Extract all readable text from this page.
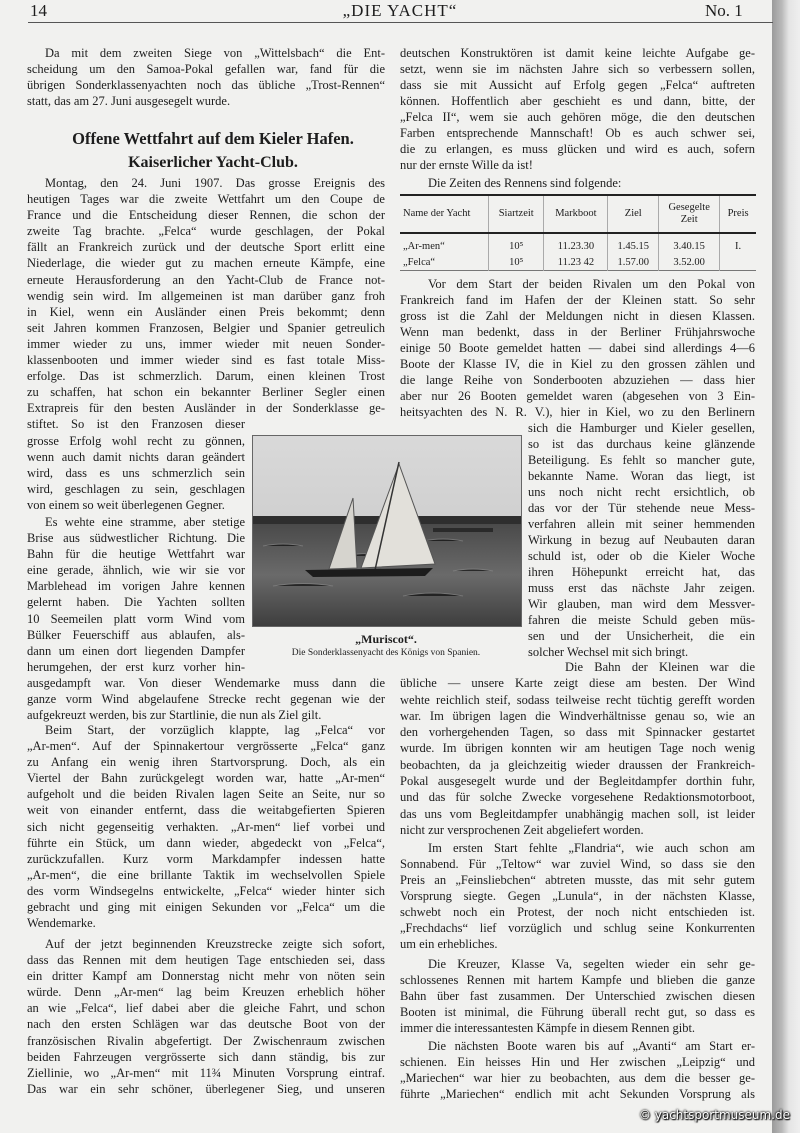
14	„DIE YACHT“	No. 1
Da mit dem zweiten Siege von „Wittelsbach“ die Ent-
scheidung um den Samoa-Pokal gefallen war, fand für die
übrigen Sonderklassenyachten noch das übliche „Trost-Rennen“
statt, das am 27. Juni ausgesegelt wurde.
Offene Wettfahrt auf dem Kieler Hafen.
Kaiserlicher Yacht-Club.
Montag, den 24. Juni 1907. Das grosse Ereignis des
heutigen Tages war die zweite Wettfahrt um den Coupe de
France und die Entscheidung dieser Rennen, die schon der
zweite Tag brachte. „Felca“ wurde geschlagen, der Pokal
fällt an Frankreich zurück und der deutsche Sport erlitt eine
Niederlage, die wieder gut zu machen erneute Kämpfe, eine
erneute Herausforderung an den Yacht-Club de France not-
wendig sein wird. Im allgemeinen ist man darüber ganz froh
in Kiel, wenn ein Ausländer einen Preis bekommt; denn
seit Jahren kommen Franzosen, Belgier und Spanier getreulich
immer wieder zu uns, immer wieder mit neuen Sonder-
klassenbooten und immer wieder sind es fast totale Miss-
erfolge. Das ist schmerzlich. Darum, einen kleinen Trost
zu schaffen, hat schon ein bekannter Berliner Segler einen
Extrapreis für den besten Ausländer in der Sonderklasse ge-
stiftet. So ist den Franzosen dieser
grosse Erfolg wohl recht zu gönnen,
wenn auch damit nichts daran geändert
wird, dass es uns schmerzlich sein
wird, geschlagen zu sein, geschlagen
von einem so weit überlegenen Gegner.
Es wehte eine stramme, aber stetige
Brise aus südwestlicher Richtung. Die
Bahn für die heutige Wettfahrt war
eine gerade, ähnlich, wie wir sie vor
Marblehead im vorigen Jahre kennen
gelernt haben. Die Yachten sollten
10 Seemeilen platt vorm Wind vom
Bülker Feuerschiff aus ablaufen, als-
dann um einen dort liegenden Dampfer
herumgehen, der erst kurz vorher hin-
ausgedampft war. Von dieser Wendemarke muss dann die
ganze vorm Wind abgelaufene Strecke recht gegenan wie der
aufgekreuzt werden, bis zur Startlinie, die nun als Ziel gilt.
Beim Start, der vorzüglich klappte, lag „Felca“ vor
„Ar-men“. Auf der Spinnakertour vergrösserte „Felca“ ganz
zu Anfang ein wenig ihren Startvorsprung. Doch, als ein
Viertel der Bahn zurückgelegt worden war, hatte „Ar-men“
aufgeholt und die beiden Rivalen lagen Seite an Seite, nur so
weit von einander entfernt, dass die weitabgefierten Spieren
sich nicht gegenseitig verhakten. „Ar-men“ lief vorbei und
führte ein Stück, um dann wieder, abgedeckt von „Felca“,
zurückzufallen. Kurz vorm Markdampfer indessen hatte
„Ar-men“, die eine brillante Taktik im wechselvollen Spiele
des vorm Windsegelns entwickelte, „Felca“ wieder hinter sich
gebracht und ging mit einigen Sekunden vor „Felca“ um die
Wendemarke.
Auf der jetzt beginnenden Kreuzstrecke zeigte sich sofort,
dass das Rennen mit dem heutigen Tage entschieden sei, dass
ein dritter Kampf am Donnerstag nicht mehr von nöten sein
würde. Denn „Ar-men“ lag beim Kreuzen erheblich höher
an wie „Felca“, lief dabei aber die gleiche Fahrt, und schon
nach den ersten Schlägen war das deutsche Boot von der
französischen Rivalin abgefertigt. Der Zwischenraum zwischen
beiden Fahrzeugen vergrösserte sich dann ständig, bis zur
Ziellinie, wo „Ar-men“ mit 11¾ Minuten Vorsprung eintraf.
Das war ein sehr schöner, überlegener Sieg, und unseren
„Muriscot“.
Die Sonderklassenyacht des Königs von Spanien.
deutschen Konstruktören ist damit keine leichte Aufgabe ge-
setzt, wenn sie im nächsten Jahre sich so verbessern sollen,
dass sie mit Aussicht auf Erfolg gegen „Felca“ auftreten
können. Hoffentlich aber geschieht es und dann, bitte, der
„Felca II“, wem sie auch gehören möge, die den deutschen
Farben entsprechende Mannschaft! Ob es auch schwer sei,
die zu erlangen, es muss glücken und wird es auch, sofern
nur der ernste Wille da ist!
Die Zeiten des Rennens sind folgende:
Name der Yacht	Siartzeit	Markboot	Ziel	Gesegelte Zeit	Preis
„Ar-men“	10⁵	11.23.30	1.45.15	3.40.15	I.
„Felca“	10⁵	11.23 42	1.57.00	3.52.00	
Vor dem Start der beiden Rivalen um den Pokal von
Frankreich fand im Hafen der der Kleinen statt. So sehr
gross ist die Zahl der Meldungen nicht in diesen Klassen.
Wenn man bedenkt, dass in der Berliner Frühjahrswoche
einige 50 Boote gemeldet hatten — dabei sind allerdings 4—6
Boote der Klasse IV, die in Kiel zu den grossen zählen und
die lange Reihe von Sonderbooten abzuziehen — dass hier
aber nur 26 Booten gemeldet waren (abgesehen von 3 Ein-
heitsyachten des N. R. V.), hier in Kiel, wo zu den Berlinern
sich die Hamburger und Kieler gesellen,
so ist das durchaus keine glänzende
Beteiligung. Es fehlt so mancher gute,
bekannte Name. Woran das liegt, ist
uns noch nicht recht ersichtlich, ob
das vor der Tür stehende neue Mess-
verfahren allein mit seiner hemmenden
Wirkung in bezug auf Neubauten daran
schuld ist, oder ob die Kieler Woche
ihren Höhepunkt erreicht hat, das
muss erst das nächste Jahr zeigen.
Wir glauben, man wird dem Messver-
fahren die meiste Schuld geben müs-
sen und der Unsicherheit, die ein
solcher Wechsel mit sich bringt.
Die Bahn der Kleinen war die
übliche — unsere Karte zeigt diese am besten. Der Wind
wehte reichlich steif, sodass teilweise recht tüchtig gerefft worden
war. Im übrigen lagen die Windverhältnisse genau so, wie an
den vorhergehenden Tagen, so dass mit Spinnacker gestartet
wurde. Im übrigen konnten wir am heutigen Tage noch wenig
beobachten, da ja gleichzeitig wieder draussen der Frankreich-
Pokal ausgesegelt wurde und der Begleitdampfer dorthin fuhr,
und das für solche Zwecke vorgesehene Redaktionsmotorboot,
das uns vom Begleitdampfer unabhängig machen soll, ist leider
nicht zur versprochenen Zeit abgeliefert worden.
Im ersten Start fehlte „Flandria“, wie auch schon am
Sonnabend. Für „Teltow“ war zuviel Wind, so dass sie den
Preis an „Feinsliebchen“ abtreten musste, das mit sehr gutem
Vorsprung siegte. Gegen „Lunula“, in der nächsten Klasse,
schwebt noch ein Protest, der noch nicht entschieden ist.
„Frechdachs“ lief vorzüglich und schlug seine Konkurrenten
um ein erhebliches.
Die Kreuzer, Klasse Va, segelten wieder ein sehr ge-
schlossenes Rennen mit hartem Kampfe und blieben die ganze
Bahn über fast zusammen. Der Unterschied zwischen diesen
Booten ist minimal, die Führung überall recht gut, so dass es
immer die interessantesten Kämpfe in diesem Rennen gibt.
Die nächsten Boote waren bis auf „Avanti“ am Start er-
schienen. Ein heisses Hin und Her zwischen „Leipzig“ und
„Mariechen“ war hier zu beobachten, aus dem die besser ge-
führte „Mariechen“ endlich mit acht Sekunden Vorsprung als
© yachtsportmuseum.de
